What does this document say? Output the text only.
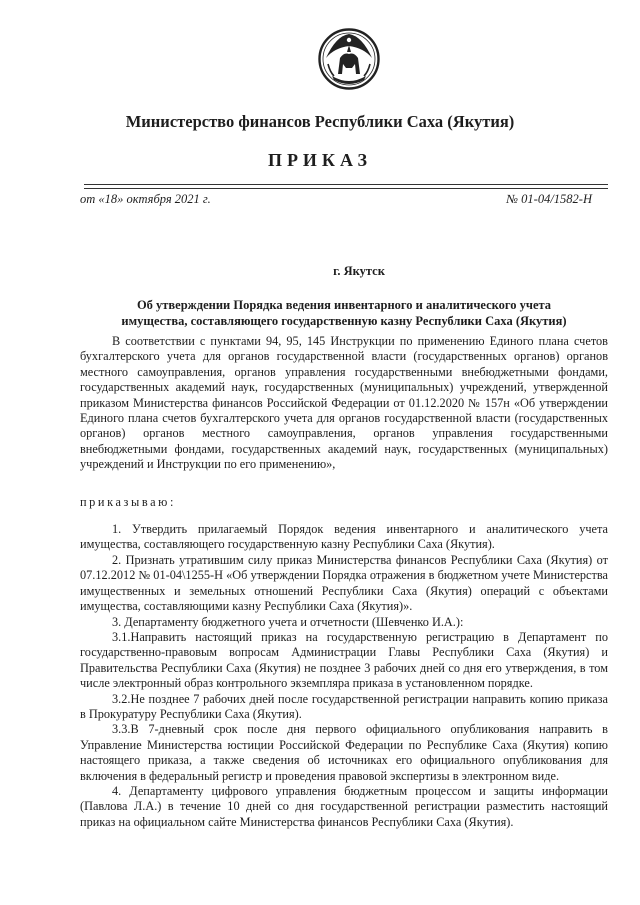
Министерство финансов Республики Саха (Якутия)
ПРИКАЗ
от «18» октября 2021 г.	№ 01-04/1582-Н
г. Якутск
Об утверждении Порядка ведения инвентарного и аналитического учета
имущества, составляющего государственную казну Республики Саха (Якутия)

В соответствии с пунктами 94, 95, 145 Инструкции по применению Единого плана счетов бухгалтерского учета для органов государственной власти (государственных органов) органов местного самоуправления, органов управления государственными внебюджетными фондами, государственных академий наук, государственных (муниципальных) учреждений, утвержденной приказом Министерства финансов Российской Федерации от 01.12.2020 № 157н «Об утверждении Единого плана счетов бухгалтерского учета для органов государственной власти (государственных органов) органов местного самоуправления, органов управления государственными внебюджетными фондами, государственных академий наук, государственных (муниципальных) учреждений и Инструкции по его применению»,

приказываю:

1. Утвердить прилагаемый Порядок ведения инвентарного и аналитического учета имущества, составляющего государственную казну Республики Саха (Якутия).

2. Признать утратившим силу приказ Министерства финансов Республики Саха (Якутия) от 07.12.2012 № 01-04\1255-Н «Об утверждении Порядка отражения в бюджетном учете Министерства имущественных и земельных отношений Республики Саха (Якутия) операций с объектами имущества, составляющими казну Республики Саха (Якутия)».

3. Департаменту бюджетного учета и отчетности (Шевченко И.А.):

3.1.Направить настоящий приказ на государственную регистрацию в Департамент по государственно-правовым вопросам Администрации Главы Республики Саха (Якутия) и Правительства Республики Саха (Якутия) не позднее 3 рабочих дней со дня его утверждения, в том числе электронный образ контрольного экземпляра приказа в установленном порядке.

3.2.Не позднее 7 рабочих дней после государственной регистрации направить копию приказа в Прокуратуру Республики Саха (Якутия).

3.3.В 7-дневный срок после дня первого официального опубликования направить в Управление Министерства юстиции Российской Федерации по Республике Саха (Якутия) копию настоящего приказа, а также сведения об источниках его официального опубликования для включения в федеральный регистр и проведения правовой экспертизы в электронном виде.

4. Департаменту цифрового управления бюджетным процессом и защиты информации (Павлова Л.А.) в течение 10 дней со дня государственной регистрации разместить настоящий приказ на официальном сайте Министерства финансов Республики Саха (Якутия).
